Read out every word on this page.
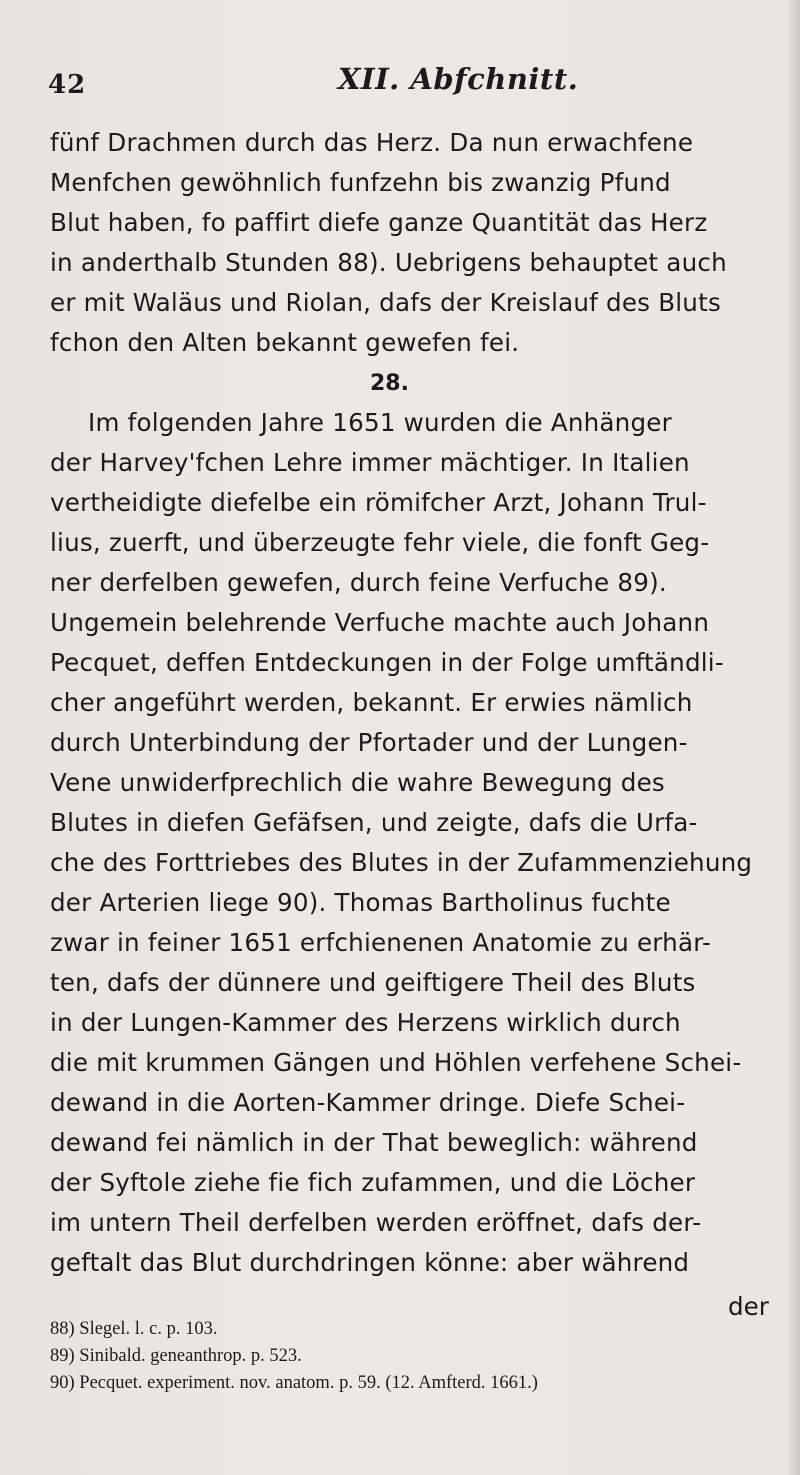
42	XII. Abfchnitt.
fünf Drachmen durch das Herz. Da nun erwachfene
Menfchen gewöhnlich funfzehn bis zwanzig Pfund
Blut haben, fo paffirt diefe ganze Quantität das Herz
in anderthalb Stunden 88). Uebrigens behauptet auch
er mit Waläus und Riolan, dafs der Kreislauf des Bluts
fchon den Alten bekannt gewefen fei.
28.
Im folgenden Jahre 1651 wurden die Anhänger
der Harvey'fchen Lehre immer mächtiger. In Italien
vertheidigte diefelbe ein römifcher Arzt, Johann Trul-
lius, zuerft, und überzeugte fehr viele, die fonft Geg-
ner derfelben gewefen, durch feine Verfuche 89).
Ungemein belehrende Verfuche machte auch Johann
Pecquet, deffen Entdeckungen in der Folge umftändli-
cher angeführt werden, bekannt. Er erwies nämlich
durch Unterbindung der Pfortader und der Lungen-
Vene unwiderfprechlich die wahre Bewegung des
Blutes in diefen Gefäfsen, und zeigte, dafs die Urfa-
che des Forttriebes des Blutes in der Zufammenziehung
der Arterien liege 90). Thomas Bartholinus fuchte
zwar in feiner 1651 erfchienenen Anatomie zu erhär-
ten, dafs der dünnere und geiftigere Theil des Bluts
in der Lungen-Kammer des Herzens wirklich durch
die mit krummen Gängen und Höhlen verfehene Schei-
dewand in die Aorten-Kammer dringe. Diefe Schei-
dewand fei nämlich in der That beweglich: während
der Syftole ziehe fie fich zufammen, und die Löcher
im untern Theil derfelben werden eröffnet, dafs der-
geftalt das Blut durchdringen könne: aber während
der
88) Slegel. l. c. p. 103.
89) Sinibald. geneanthrop. p. 523.
90) Pecquet. experiment. nov. anatom. p. 59. (12. Amfterd. 1661.)
